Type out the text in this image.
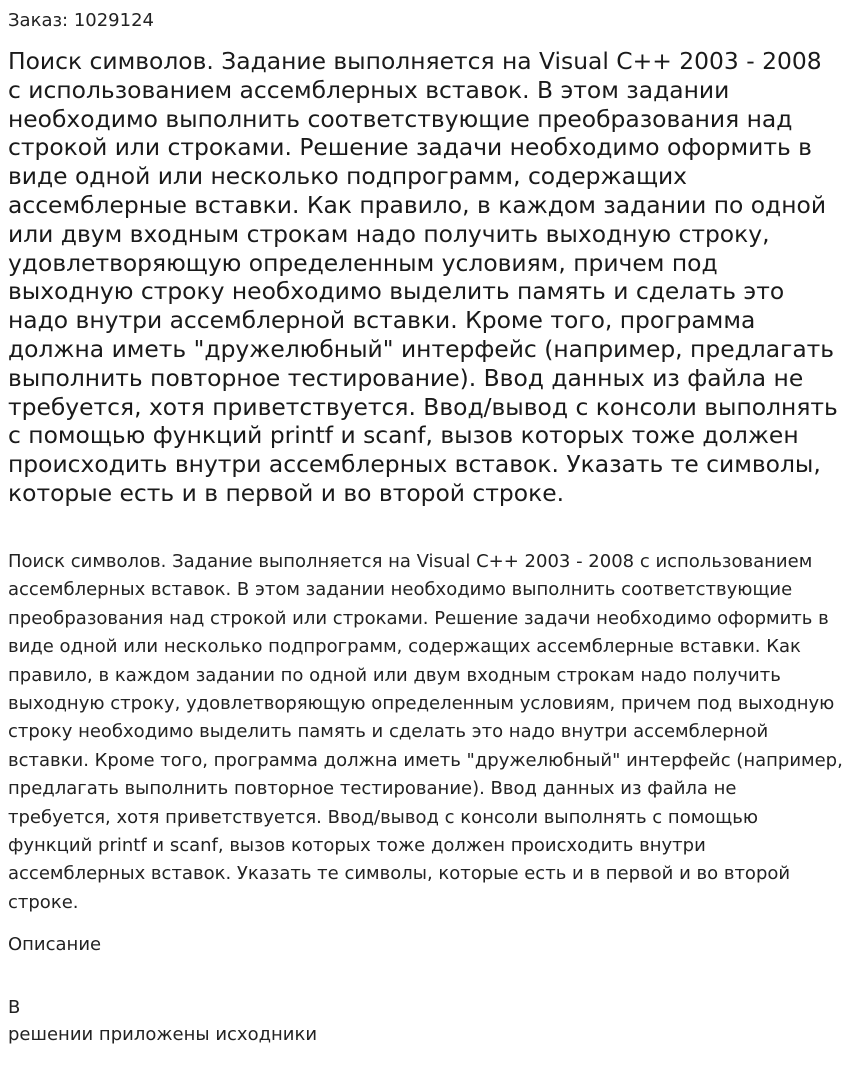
Заказ: 1029124
Поиск символов. Задание выполняется на Visual C++ 2003 - 2008 с использованием ассемблерных вставок. В этом задании необходимо выполнить соответствующие преобразования над строкой или строками. Решение задачи необходимо оформить в виде одной или несколько подпрограмм, содержащих ассемблерные вставки. Как правило, в каждом задании по одной или двум входным строкам надо получить выходную строку, удовлетворяющую определенным условиям, причем под выходную строку необходимо выделить память и сделать это надо внутри ассемблерной вставки. Кроме того, программа должна иметь "дружелюбный" интерфейс (например, предлагать выполнить повторное тестирование). Ввод данных из файла не требуется, хотя приветствуется. Ввод/вывод с консоли выполнять с помощью функций printf и scanf, вызов которых тоже должен происходить внутри ассемблерных вставок. Указать те символы, которые есть и в первой и во второй строке.

Поиск символов. Задание выполняется на Visual C++ 2003 - 2008 с использованием ассемблерных вставок. В этом задании необходимо выполнить соответствующие преобразования над строкой или строками. Решение задачи необходимо оформить в виде одной или несколько подпрограмм, содержащих ассемблерные вставки. Как правило, в каждом задании по одной или двум входным строкам надо получить выходную строку, удовлетворяющую определенным условиям, причем под выходную строку необходимо выделить память и сделать это надо внутри ассемблерной вставки. Кроме того, программа должна иметь "дружелюбный" интерфейс (например, предлагать выполнить повторное тестирование). Ввод данных из файла не требуется, хотя приветствуется. Ввод/вывод с консоли выполнять с помощью функций printf и scanf, вызов которых тоже должен происходить внутри ассемблерных вставок. Указать те символы, которые есть и в первой и во второй строке.

Описание
В
решении приложены исходники
